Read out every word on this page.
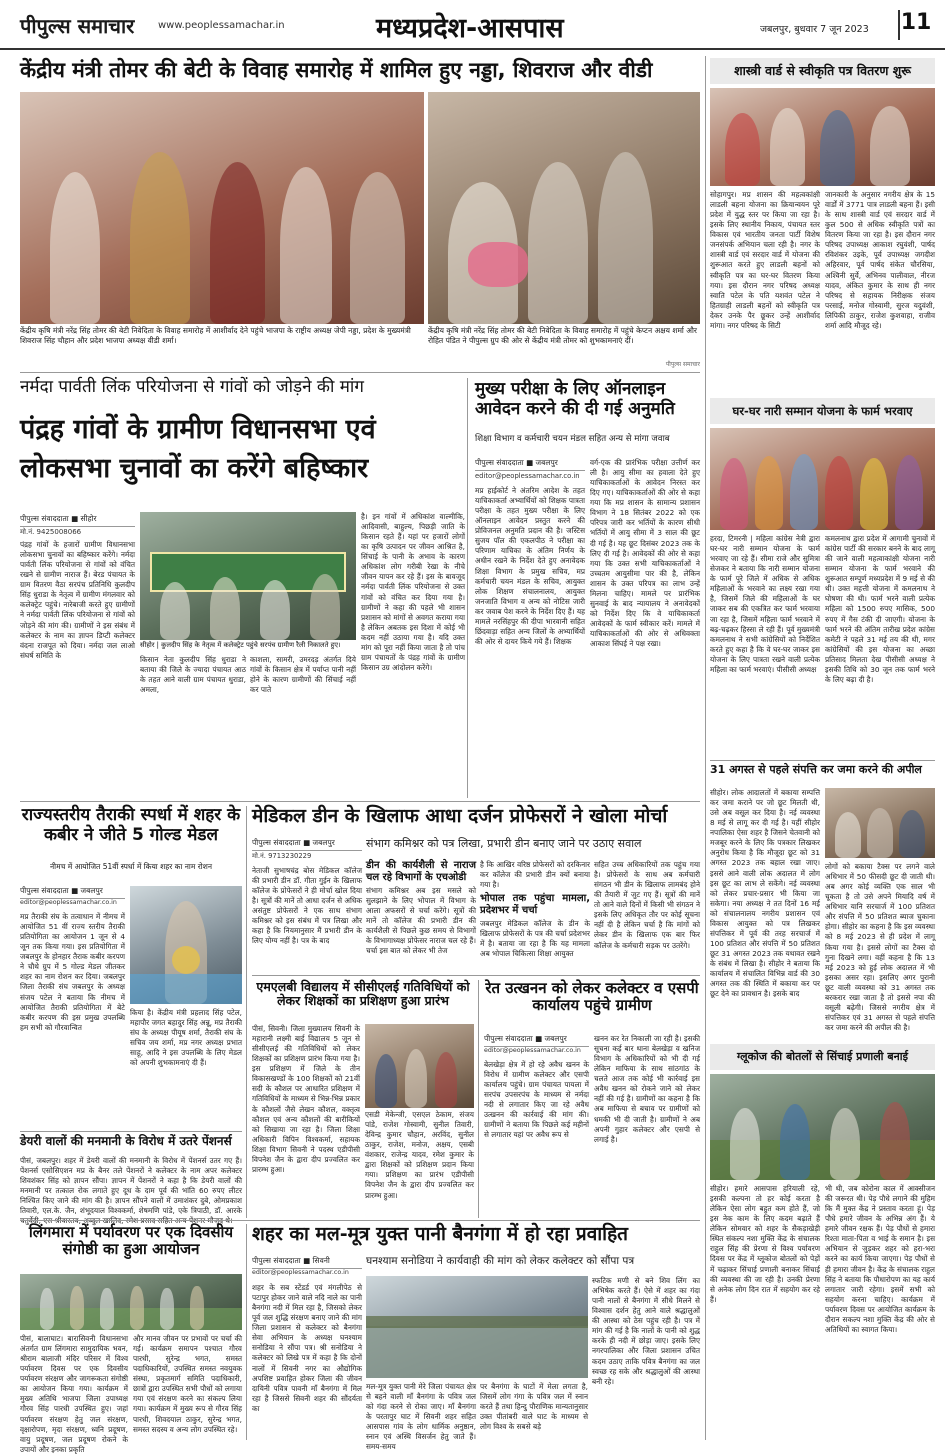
पीपुल्स समाचार www.peoplessamachar.in	मध्यप्रदेश-आसपास	जबलपुर, बुधवार 7 जून 2023 11
केंद्रीय मंत्री तोमर की बेटी के विवाह समारोह में शामिल हुए नड्डा, शिवराज और वीडी
केंद्रीय कृषि मंत्री नरेंद्र सिंह तोमर की बेटी निवेदिता के विवाह समारोह में आशीर्वाद देने पहुंचे भाजपा के राष्ट्रीय अध्यक्ष जेपी नड्डा, प्रदेश के मुख्यमंत्री शिवराज सिंह चौहान और प्रदेश भाजपा अध्यक्ष वीडी शर्मा।
केंद्रीय कृषि मंत्री नरेंद्र सिंह तोमर की बेटी निवेदिता के विवाह समारोह में पहुंचे केप्टन अक्षय शर्मा और रोहित पंडित ने पीपुल्स ग्रुप की ओर से केंद्रीय मंत्री तोमर को शुभकामनाएं दीं।
पीपुल्स समाचार
नर्मदा पार्वती लिंक परियोजना से गांवों को जोड़ने की मांग
पंद्रह गांवों के ग्रामीण विधानसभा एवं लोकसभा चुनावों का करेंगे बहिष्कार
पीपुल्स संवाददाता ■ सीहोर
मो.नं. 9425008066
सीहोर | कुलदीप सिंह के नेतृत्व में कलेक्ट्रेट पहुंचे सरपंच ग्रामीण रैली निकालते हुए।
पंद्रह गांवों के हजारों ग्रामीण विधानसभा लोकसभा चुनावों का बहिष्कार करेंगे। नर्मदा पार्वती लिंक परियोजना से गांवों को वंचित रखने से ग्रामीण नाराज हैं। बेरड पंचायत के ग्राम वितरण वैठा सरपंच प्रतिनिधि कुलदीप सिंह धुराडा के नेतृत्व में ग्रामीण मंगलवार को कलेक्ट्रेट पहुंचे। नारेबाजी करते हुए ग्रामीणों ने नर्मदा पार्वती लिंक परियोजना से गांवों को जोड़ने की मांग की। ग्रामीणों ने इस संबंध में कलेक्टर के नाम का ज्ञापन डिप्टी कलेक्टर वंदना राजपूत को दिया। नर्मदा जल लाओ संघर्ष समिति के	किसान नेता कुलदीप सिंह धुराडा ने बताया की जिले के ज्यादा पंचायत आठ के तहत आने वाली ग्राम पंचायत धुराडा, अमला,
काशला, सामरी, उमरदड़ अंतर्गत दिये गांवों के किसान क्षेत्र में पर्याप्त पानी नहीं होने के कारण ग्रामीणों की सिंचाई नहीं कर पाते
है। इन गांवों में अधिकांश वाल्मीकि, आदिवासी, बाहुल्य, पिछड़ी जाति के किसान रहते हैं। यहां पर हजारों लोगों का कृषि उत्पादन पर जीवन आश्रित है, सिंचाई के पानी के अभाव के कारण अधिकांश लोग गरीबी रेखा के नीचे जीवन यापन कर रहे हैं। इस के बावजूद नर्मदा पार्वती लिंक परियोजना से उक्त गांवों को वंचित कर दिया गया है। ग्रामीणों ने कहा की पहले भी शासन प्रशासन को मांगों से अवगत कराया गया है लेकिन अबतक इस दिशा में कोई भी कदम नहीं उठाया गया है। यदि उक्त मांग को पूरा नहीं किया जाता है तो पांच ग्राम पंचायतों के पंद्रह गांवों के ग्रामीण किसान उग्र आंदोलन करेंगे।
मुख्य परीक्षा के लिए ऑनलाइन आवेदन करने की दी गई अनुमति
शिक्षा विभाग व कर्मचारी चयन मंडल सहित अन्य से मांगा जवाब
पीपुल्स संवाददाता ■ जबलपुर
editor@peoplessamachar.co.in
मप्र हाईकोर्ट ने अंतरिम आदेश के तहत याचिकाकर्ता अभ्यार्थियों को शिक्षक पात्रता परीक्षा के तहत मुख्य परीक्षा के लिए ऑनलाइन आवेदन प्रस्तुत करने की प्रोविजनल अनुमति प्रदान की है। जस्टिस सुजय पॉल की एकलपीठ ने परीक्षा का परिणाम याचिका के अंतिम निर्णय के अधीन रखने के निर्देश देते हुए अनावेदक शिक्षा विभाग के प्रमुख सचिव, मप्र कर्मचारी चयन मंडल के सचिव, आयुक्त लोक शिक्षण संचालनालय, आयुक्त जनजाति विभाग व अन्य को नोटिस जारी कर जवाब पेश करने के निर्देश दिए हैं। यह मामले नरसिंहपुर की दीपा भारवानी सहित छिंदवाड़ा सहित अन्य जिलों के अभ्यार्थियों की ओर से दायर किये गये हैं। शिक्षक
वर्ग-एक की प्रारंभिक परीक्षा उत्तीर्ण कर ली है। आयु सीमा का हवाला देते हुए याचिकाकर्ताओं के आवेदन निरस्त कर दिए गए। याचिकाकर्ताओं की ओर से कहा गया कि मप्र शासन के सामान्य प्रशासन विभाग ने 18 सितंबर 2022 को एक परिपत्र जारी कर भर्तियों के कारण सीधी भर्तियों में आयु सीमा में 3 साल की छूट दी गई है। यह छूट दिसंबर 2023 तक के लिए दी गई है। आवेदकों की ओर से कहा गया कि उक्त सभी याचिकाकर्ताओं ने उच्चतम आयुसीमा पार की है, लेकिन शासन के उक्त परिपत्र का लाभ उन्हें मिलना चाहिए। मामले पर प्रारंभिक सुनवाई के बाद न्यायालय ने अनावेदकों को निर्देश दिए कि वे याचिकाकर्ता आवेदकों के फार्म स्वीकार करें। मामले में याचिकाकर्ताओं की ओर से अधिवक्ता आकाश सिंघई ने पक्ष रखा।
राज्यस्तरीय तैराकी स्पर्धा में शहर के कबीर ने जीते 5 गोल्ड मेडल
नीमच में आयोजित 51वीं स्पर्धा में किया शहर का नाम रोशन
पीपुल्स संवाददाता ■ जबलपुर
editor@peoplessamachar.co.in
मप्र तैराकी संघ के तत्वाधान में नीमच में आयोजित 51 वीं राज्य स्तरीय तैराकी प्रतियोगिता का आयोजन 1 जून से 4 जून तक किया गया। इस प्रतियोगिता में जबलपुर के होनहार तैराक कबीर करपण ने चौथे ग्रुप में 5 गोल्ड मेडल जीतकर शहर का नाम रोशन कर दिया। जबलपुर जिला तैराकी संघ जबलपुर के अध्यक्ष संजय पटेल ने बताया कि नीमच में आयोजित तैराकी प्रतियोगिता में बेटे कबीर करपण की इस प्रमुख उपलब्धि हम सभी को गौरवान्वित
किया है। केंद्रीय मंत्री प्रहलाद सिंह पटेल, महापौर जगत बहादुर सिंह अन्नू, मप्र तैराकी संघ के अध्यक्ष पीयूष शर्मा, तैराकी संघ के सचिव जय शर्मा, मप्र नगर अध्यक्ष प्रभात साहू, आदि ने इस उपलब्धि के लिए मेडल को अपनी शुभकामनाएं दी हैं।
डेयरी वालों की मनमानी के विरोध में उतरे पेंशनर्स
पीसं, जबलपुर। शहर में डेयरी वालों की मनमानी के विरोध में पेंशनर्स उतर गए हैं। पेंशनर्स एसोसिएशन मप्र के बैनर तले पेंशनरों ने कलेक्टर के नाम अपर कलेक्टर शिवशंकर सिंह को ज्ञापन सौंपा। ज्ञापन में पेंशनरों ने कहा है कि डेयरी वालों की मनमानी पर तत्काल रोक लगाते हुए दूध के दाम पूर्व की भांति 60 रुपए लीटर निश्चित किए जाने की मांग की है। ज्ञापन सौंपने वालों में उमाशंकर दुबे, ओमप्रकाश तिवारी, एल.के. जैन, शंभूदयाल विश्वकर्मा, शेषमणि पांडे, एके त्रिपाठी, डॉ. आरके
मेडिकल डीन के खिलाफ आधा दर्जन प्रोफेसरों ने खोला मोर्चा
पीपुल्स संवाददाता ■ जबलपुर
मो.नं. 9713230229
संभाग कमिश्नर को पत्र लिखा, प्रभारी डीन बनाए जाने पर उठाए सवाल
नेताजी सुभाषचंद्र बोस मेडिकल कॉलेज की प्रभारी डीन डॉ. गीता गुईन के खिलाफ कॉलेज के प्रोफेसरों ने ही मोर्चा खोल दिया है। सूत्रों की मानें तो आधा दर्जन से अधिक असंतुष्ट प्रोफेसरों ने एक साथ संभाग कमिश्नर को इस संबंध में पत्र लिखा और कहा है कि नियमानुसार मैं प्रभारी डीन के लिए योग्य नहीं है। पत्र के बाद
डीन की कार्यशैली से नाराज चल रहे विभागों के एचओडी
संभाग कमिश्नर अब इस मसले को सुलझाने के लिए भोपाल में विभाग के आला अफसरों से चर्चा करेंगे। सूत्रों की मानें तो कॉलेज की प्रभारी डीन की कार्यशैली से पिछले कुछ समय से विभागों के विभागाध्यक्ष प्रोफेसर नाराज चल रहे हैं। चर्चा इस बात को लेकर भी तेज
है कि आखिर वरिष्ठ प्रोफेसरों को दरकिनार कर कॉलेज की प्रभारी डीन क्यों बनाया गया है।
भोपाल तक पहुंचा मामला, प्रदेशभर में चर्चा
जबलपुर मेडिकल कॉलेज के डीन के खिलाफ प्रोफेसरों के पत्र की चर्चा प्रदेशभर में है। बताया जा रहा है कि यह मामला अब भोपाल चिकित्सा शिक्षा आयुक्त
सहित उच्च अधिकारियों तक पहुंच गया है। प्रोफेसरों के साथ अब कर्मचारी संगठन भी डीन के खिलाफ लामबंद होने की तैयारी में जुट गए हैं। सूत्रों की मानें तो आने वाले दिनों में किसी भी संगठन ने इसके लिए अधिकृत तौर पर कोई सूचना नहीं दी है लेकिन चर्चा है कि मांगों को लेकर डीन के खिलाफ एक बार फिर कॉलेज के कर्मचारी सड़क पर उतरेंगे।
एमएलबी विद्यालय में सीसीएलई गतिविधियों को लेकर शिक्षकों का प्रशिक्षण हुआ प्रारंभ
पीसं, सिवनी। जिला मुख्यालय सिवनी के महारानी लक्ष्मी बाई विद्यालय 5 जून से सीसीएलई की गतिविधियों को लेकर शिक्षकों का प्रशिक्षण प्रारंभ किया गया है। इस प्रशिक्षण में जिले के तीन विकासखण्डों के 100 शिक्षकों को 21वीं सदी के कौशल पर आधारित प्रशिक्षण में गतिविधियों के माध्यम से भिन्न-भिन्न प्रकार के कौशलों जैसे लेखन कौशल, वक्तृत्व कौशल एवं अन्य कौशलों की बारीकियों को सिखाया जा रहा है। जिला शिक्षा अधिकारी विपिन विश्वकर्मा, सहायक शिक्षा विभाग सिवनी ने पदस्थ एडीपीसी विपनेश जैन के द्वारा दीप प्रज्वलित कर प्रारम्भ हुआ।
एसडी मेकेन्जी, एसएल ठेकाम, संजय पांडे, राजेश गोस्वामी, सुनील तिवारी, देविन्द्र कुमार चौहान, अरविंद, सुनील ठाकुर, राजेश, मनोज, अक्षय, एसबी वंशकार, राजेन्द्र यादव, रमेश कुमार के द्वारा शिक्षकों को प्रशिक्षण प्रदान किया गया। प्रशिक्षण का प्रारंभ एडीपीसी विपनेश जैन के द्वारा दीप प्रज्वलित कर प्रारम्भ हुआ।
रेत उत्खनन को लेकर कलेक्टर व एसपी कार्यालय पहुंचे ग्रामीण
पीपुल्स संवाददाता ■ जबलपुर
editor@peoplessamachar.co.in
बेलखेड़ा क्षेत्र में हो रहे अवैध खनन के विरोध में ग्रामीण कलेक्टर और एसपी कार्यालय पहुंचे। ग्राम पंचायत पायला में सरपंच उपसरपंच के माध्यम से नर्मदा नदी से लगातार किए जा रहे अवैध उत्खनन की कार्रवाई की मांग की। ग्रामीणों ने बताया कि पिछले कई महीनों से लगातार यहां पर अवैध रूप से
खनन कर रेत निकाली जा रही है। इसकी सूचना कई बार थाना बेलखेड़ा व खनिज विभाग के अधिकारियों को भी दी गई लेकिन माफिया के साथ सांठगांठ के चलते आज तक कोई भी कार्रवाई इस अवैध खनन को रोकने जाने को लेकर नहीं की गई है। ग्रामीणों का कहना है कि अब माफिया से बचाव पर ग्रामीणों को धमकी भी दी जाती है। ग्रामीणों ने अब अपनी गुहार कलेक्टर और एसपी से लगाई है।
लिंगमारा में पर्यावरण पर एक दिवसीय संगोष्ठी का हुआ आयोजन
पीसं, बालाघाट। बारासिवनी विधानसभा अंतर्गत ग्राम लिंगमारा सामुदायिक भवन, श्रीराम बालाजी मंदिर परिसर में विश्व पर्यावरण दिवस पर एक दिवसीय पर्यावरण संरक्षण और जागरूकता संगोष्ठी का आयोजन किया गया। कार्यक्रम में मुख्य अतिथि भाजपा जिला उपाध्यक्ष गौरव सिंह पारधी उपस्थित हुए। जहां पर्यावरण संरक्षण हेतु जल संरक्षण, वृक्षारोपण, मृदा संरक्षण, ध्वनि प्रदूषण, वायु प्रदूषण, जल प्रदूषण रोकने के उपायों और इनका प्रकृति
और मानव जीवन पर प्रभावों पर चर्चा की गई। कार्यक्रम समापन पश्चात गौरव पारधी, सुरेन्द्र भगत, समस्त पदाधिकारियों, उपस्थित समस्त नवयुवक संस्था, प्रकृतमार्ग समिति पदाधिकारी, छात्रों द्वारा उपस्थित सभी पौधों को लगाया गया एवं संरक्षण करने का संकल्प लिया गया। कार्यक्रम में मुख्य रूप से गौरव सिंह पारधी, शिवदयाल ठाकुर, सुरेन्द्र भगत, समस्त सदस्य व अन्य लोग उपस्थित रहे।
शहर का मल-मूत्र युक्त पानी बैनगंगा में हो रहा प्रवाहित
पीपुल्स संवाददाता ■ सिवनी
editor@peoplessamachar.co.in
घनश्याम सनोडिया ने कार्यवाही की मांग को लेकर कलेक्टर को सौंपा पत्र
शहर के सब स्टेंडर्ड एवं मंगलीपेठ से पटापुर होकर जाने वाले नदि नाले का पानी बैनगंगा नदी में मिल रहा है, जिसको लेकर पूर्व जल शुद्धि संरक्षण बनाए जाने की मांग जिला प्रशासन से कलेक्टर को बैनगंगा सेवा अभियान के अध्यक्ष घनश्याम सनोडिया ने सौंपा पत्र। श्री सनोडिया ने कलेक्टर को लिखे पत्र में कहा है कि दोनों नालों में सिवनी नगर का औद्योगिक अपशिष्ट प्रवाहित होकर जिला की जीवन दायिनी पवित्र पावनी माँ बैनगंगा में मिल रहा है जिससे सिवनी शहर की सौंदर्यता का
मल-मूत्र युक्त पानी मेरे जिला पंचायत क्षेत्र से बहने वाली माँ बैनगंगा के पवित्र जल को गंदा करने से रोका जाए। माँ बैनगंगा के परतापुर घाट में सिवनी शहर सहित आसपास गांव के लोग धार्मिक अनुष्ठान, स्नान एवं अस्थि विसर्जन हेतु जाते हैं। समय-समय
पर बैनगंगा के घाटों में मेला लगता है, जिसमें लोग गंगा के पवित्र जल में स्नान करते हैं तथा हिन्दु पौराणिक मान्यतानुसार उक्त पीतांबरी वाले घाट के माध्यम से लोग विश्व के सबसे बड़े
स्फटिक मणी से बने शिव लिंग का अभिषेक करते हैं। ऐसे में शहर का गंदा पानी नालों से बैनगंगा में सीधे मिलने से विश्वास दर्शन हेतु आने वाले श्रद्धालुओं की आस्था को ठेस पहुंच रही है। पत्र में मांग की गई है कि नालों के पानी को शुद्ध करके ही नदी में छोड़ा जाए। इसके लिए नगरपालिका और जिला प्रशासन उचित कदम उठाए ताकि पवित्र बैनगंगा का जल स्वच्छ रह सके और श्रद्धालुओं की आस्था बनी रहे।
शास्त्री वार्ड से स्वीकृति पत्र वितरण शुरू
सोहागपुर। मप्र शासन की महत्वकांक्षी लाडली बहना योजना का क्रियान्वयन पूरे प्रदेश में युद्ध स्तर पर किया जा रहा है। इसके लिए स्थानीय निकाय, पंचायत स्तर विकास एवं भारतीय जनता पार्टी विशेष जनसंपर्क अभियान चला रही है। नगर के शास्त्री वार्ड एवं सरदार वार्ड में योजना की शुरूआत करते हुए लाडली बहनों को स्वीकृति पत्र का घर-घर वितरण किया गया। इस दौरान नगर परिषद अध्यक्ष स्वाति पटेल के पति यशवंत पटेल ने हितग्राही लाडली बहनों को स्वीकृति पत्र देकर उनके पैर छूकर उन्हें आशीर्वाद मांगा। नगर परिषद के सिटी
जानकारी के अनुसार नगरीय क्षेत्र के 15 वार्डों में 3771 पात्र लाडली बहना हैं। इसी के साथ शास्त्री वार्ड एवं सरदार वार्ड में कुल 500 से अधिक स्वीकृति पत्रों का वितरण किया जा रहा है। इस दौरान नगर परिषद उपाध्यक्ष आकाश रघुवंशी, पार्षद रविशंकर उइके, पूर्व उपाध्यक्ष जगदीश अहिरवार, पूर्व पार्षद संकेत चौरसिया, अश्विनी सुर्वे, अभिनव पालीवाल, नीरज यादव, अंकित कुमार के साथ ही नगर परिषद से सहायक निरीक्षक संजय परसाई, मनोज गोस्वामी, सुरज यदुवंशी, लिपिकी ठाकुर, राजेश कुशवाहा, राजीव शर्मा आदि मौजूद रहे।
घर-घर नारी सम्मान योजना के फार्म भरवाए
हरदा, टिमरनी | महिला कांग्रेस नेत्री द्वारा घर-घर नारी सम्मान योजना के फार्म भरवाए जा रहे हैं। सीमा राजे और सुमित्रा सेजकर ने बताया कि नारी सम्मान योजना के फार्म पूरे जिले में अधिक से अधिक महिलाओं के भरवाने का लक्ष्य रखा गया है, जिसमें जिले की महिलाओं के घर जाकर सब की एकत्रित कर फार्म भरवाया जा रहा है, जिसमें महिला फार्म भरवाने में बढ़-चढ़कर हिस्सा ले रही हैं। पूर्व मुख्यमंत्री कमलनाथ ने सभी कांग्रेसियों को निर्देशित करते हुए कहा है कि वे घर-घर जाकर इस योजना के लिए पात्रता रखने वाली प्रत्येक महिला का फार्म भरवाएं। पीसीसी अध्यक्ष
कमलनाथ द्वारा प्रदेश में आगामी चुनावों में कांग्रेस पार्टी की सरकार बनने के बाद लागू की जाने वाली महत्वाकांक्षी योजना नारी सम्मान योजना के फार्म भरवाने की शुरूआत सम्पूर्ण मध्यप्रदेश में 9 मई से की थी। उक्त महत्ती योजना में कमलनाथ ने घोषणा की थी। फार्म भरने वाली प्रत्येक महिला को 1500 रुपए मासिक, 500 रुपए में गैस टंकी दी जाएगी। योजना के फार्म भरने की अंतिम तारीख प्रदेश कांग्रेस कमेटी ने पहले 31 मई तय की थी, मगर कांग्रेसियों की इस योजना का अच्छा प्रतिसाद मिलता देख पीसीसी अध्यक्ष ने इसकी तिथि को 30 जून तक फार्म भरने के लिए बढ़ा दी है।
31 अगस्त से पहले संपत्ति कर जमा करने की अपील
सीहोर। लोक आदालतों में बकाया सम्पत्ति कर जमा कराने पर जो छूट मिलती थी, उसे अब वसूल कर दिया है। नई व्यवस्था 8 मई से लागू कर दी गई है। यहीं सीहोर नपालिका ऐसा शहर है जिसने चेतवानी को मजबूर करने के लिए कि पत्रकार लिखकर अनुरोध किया है कि मौजूदा छूट को 31 अगस्त 2023 तक बहाल रखा जाए। इससे आने वाली लोक अदालत में लोग इस छूट का लाभ ले सकेंगे। नई व्यवस्था को लेकर प्रचार-प्रसार भी किया जा सकेगा। नया अध्यक्ष ने तत दिनों 16 मई को संचालनालय नगरीय प्रशासन एवं विकास आयुक्त को पत्र लिखकर संपत्तिकर में पूर्व की तरह सरचार्ज में 100 प्रतिशत और संपत्ति में 50 प्रतिशत छूट 31 अगस्त 2023 तक यथावत रखने के संबंध में लिखा है। सीहोर ने बताया कि कार्यालय में संचालित विभिन्न वार्ड की 30 अगस्त तक की स्थिति में बकाया कर पर छूट देने का प्रावधान है। इसके बाद
लोगों को बकाया टैक्स पर लगने वाले अधिभार में 50 फीसदी छूट दी जाती थी। अब अगर कोई व्यक्ति एक साल भी चूकता है तो उसे अपने मियादि वर्ष में अधिभार यानि सरचार्ज में 100 प्रतिशत और संपत्ति में 50 प्रतिशत ब्याज चुकाना होगा। सीहोर का कहना है कि इस व्यवस्था को 8 मई 2023 से ही प्रदेश में लागू किया गया है। इससे लोगों का टैक्स दो गुना दिखने लगा। वहीं कहना है कि 13 मई 2023 को हुई लोक अदालत में भी इसका असर रहा। इसलिए अगर पुरानी छूट वाली व्यवस्था को 31 अगस्त तक बरकरार रखा जाता है तो इससे नपा की वसूली बढ़ेगी। जिससे नगरीय क्षेत्र में संपत्तिकर एवं 31 अगस्त से पहले संपत्ति कर जमा करने की अपील की है।
ग्लूकोज की बोतलों से सिंचाई प्रणाली बनाई
सीहोर। हमारे आसपास हरियाली रहे, इसकी कल्पना तो हर कोई करता है लेकिन ऐसा लोग बहुत कम होते हैं, जो इस नेक काम के लिए कदम बढ़ाते हैं लेकिन सोमवार को शहर के सैकड़ाखेड़ी स्थित संकल्प नशा मुक्ति केंद्र के संचालक राहुल सिंह की प्रेरणा से विश्व पर्यावरण दिवस पर केंद्र में ग्लूकोज बोतलों को पेड़ों में चढ़ाकर सिंचाई प्रणाली बनाकर सिंचाई की व्यवस्था की जा रही है। उनकी प्रेरणा से अनेक लोग दिन रात में सहयोग कर रहे हैं।
भी थी, जब कोरोना काल में आक्सीजन की जरूरत थी। पेड़ पौधे लगाने की मुहिम कि मैं मुक्त केंद्र ने प्रस्ताव करता हूं। पेड़ पौधे हमारे जीवन के अभिन्न अंग हैं। ये हमारे जीवन रक्षक हैं। पेड़ पौधों से हमारा रिश्ता माता-पिता व भाई के समान है। इस अभियान से जुड़कर शहर को हरा-भरा करने का कार्य किया जाएगा। पेड़ पौधों से ही हमारा जीवन है। केंद्र के संचालक राहुल सिंह ने बताया कि पौधारोपण का यह कार्य लगातार जारी रहेगा। इसमें सभी को सहयोग करना चाहिए। कार्यक्रम में पर्यावरण दिवस पर आयोजित कार्यक्रम के दौरान सकल्प नशा मुक्ति केंद्र की ओर से अतिथियों का स्वागत किया।
